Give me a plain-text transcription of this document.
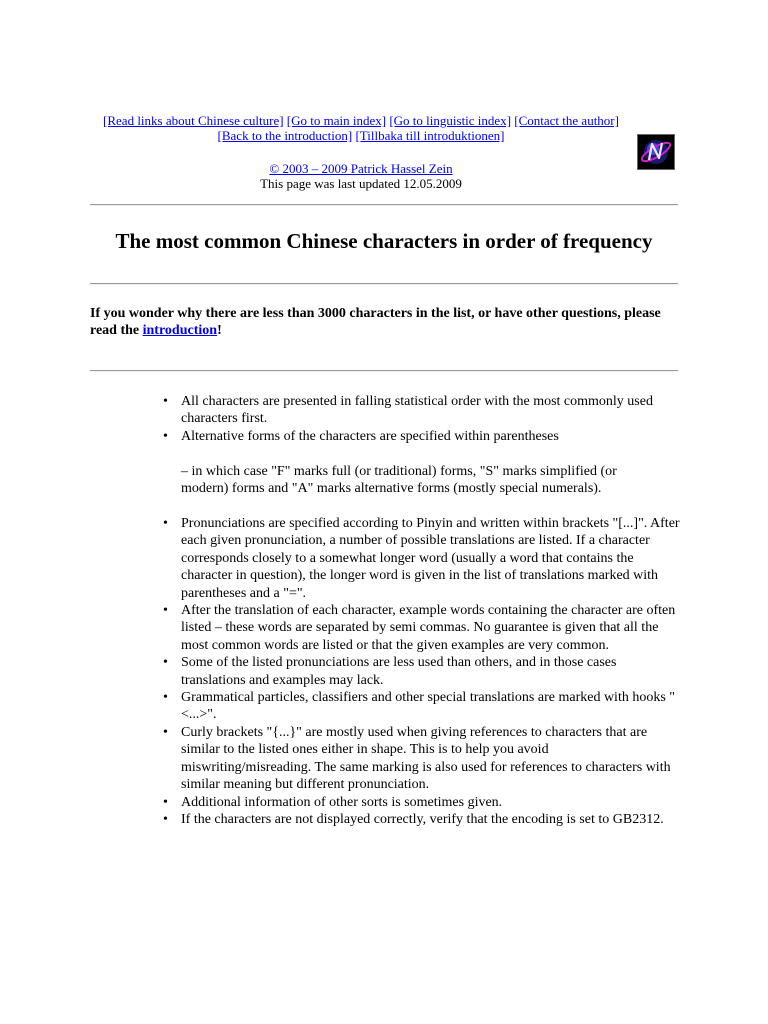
[Read links about Chinese culture] [Go to main index] [Go to linguistic index] [Contact the author]
[Back to the introduction] [Tillbaka till introduktionen]
© 2003 – 2009 Patrick Hassel Zein
This page was last updated 12.05.2009
The most common Chinese characters in order of frequency
If you wonder why there are less than 3000 characters in the list, or have other questions, please read the introduction!
• All characters are presented in falling statistical order with the most commonly used characters first.
• Alternative forms of the characters are specified within parentheses
– in which case "F" marks full (or traditional) forms, "S" marks simplified (or modern) forms and "A" marks alternative forms (mostly special numerals).
• Pronunciations are specified according to Pinyin and written within brackets "[...]". After each given pronunciation, a number of possible translations are listed. If a character corresponds closely to a somewhat longer word (usually a word that contains the character in question), the longer word is given in the list of translations marked with parentheses and a "=".
• After the translation of each character, example words containing the character are often listed – these words are separated by semi commas. No guarantee is given that all the most common words are listed or that the given examples are very common.
• Some of the listed pronunciations are less used than others, and in those cases translations and examples may lack.
• Grammatical particles, classifiers and other special translations are marked with hooks "<...>".
• Curly brackets "{...}" are mostly used when giving references to characters that are similar to the listed ones either in shape. This is to help you avoid miswriting/misreading. The same marking is also used for references to characters with similar meaning but different pronunciation.
• Additional information of other sorts is sometimes given.
• If the characters are not displayed correctly, verify that the encoding is set to GB2312.
